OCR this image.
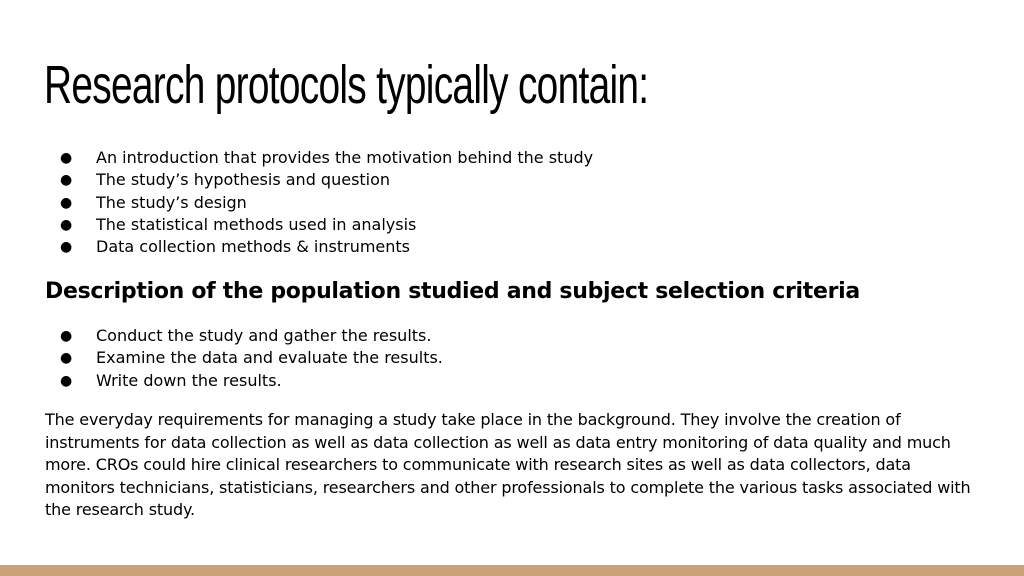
Research protocols typically contain:
● An introduction that provides the motivation behind the study
● The study’s hypothesis and question
● The study’s design
● The statistical methods used in analysis
● Data collection methods & instruments
Description of the population studied and subject selection criteria
● Conduct the study and gather the results.
● Examine the data and evaluate the results.
● Write down the results.

The everyday requirements for managing a study take place in the background. They involve the creation of instruments for data collection as well as data collection as well as data entry monitoring of data quality and much more. CROs could hire clinical researchers to communicate with research sites as well as data collectors, data monitors technicians, statisticians, researchers and other professionals to complete the various tasks associated with the research study.
